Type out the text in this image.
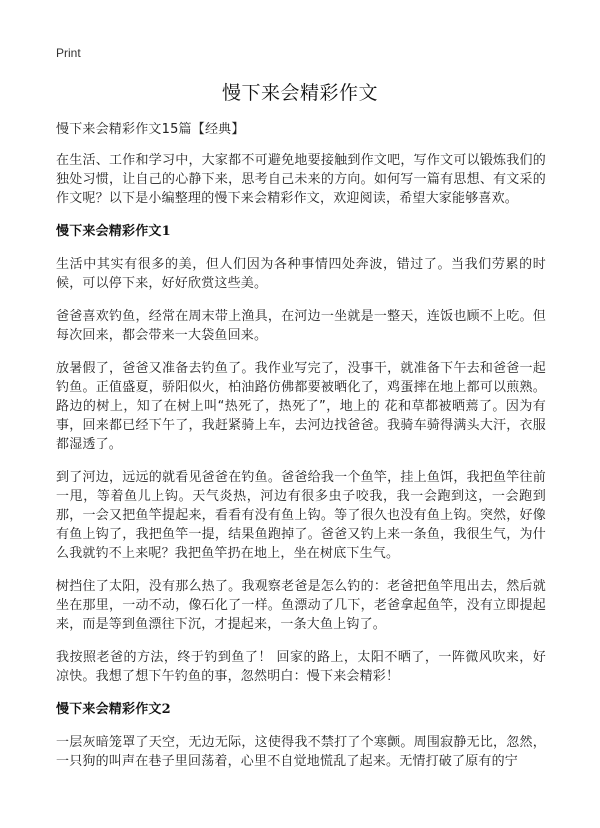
Print
慢下来会精彩作文

慢下来会精彩作文15篇【经典】

在生活、工作和学习中，大家都不可避免地要接触到作文吧，写作文可以锻炼我们的独处习惯，让自己的心静下来，思考自己未来的方向。如何写一篇有思想、有文采的作文呢？以下是小编整理的慢下来会精彩作文，欢迎阅读，希望大家能够喜欢。

慢下来会精彩作文1

生活中其实有很多的美，但人们因为各种事情四处奔波，错过了。当我们劳累的时候，可以停下来，好好欣赏这些美。

爸爸喜欢钓鱼，经常在周末带上渔具，在河边一坐就是一整天，连饭也顾不上吃。但每次回来，都会带来一大袋鱼回来。

放暑假了，爸爸又准备去钓鱼了。我作业写完了，没事干，就准备下午去和爸爸一起钓鱼。正值盛夏，骄阳似火，柏油路仿佛都要被晒化了，鸡蛋摔在地上都可以煎熟。路边的树上，知了在树上叫“热死了，热死了”，地上的 花和草都被晒蔫了。因为有事，回来都已经下午了，我赶紧骑上车，去河边找爸爸。我骑车骑得满头大汗，衣服都湿透了。

到了河边，远远的就看见爸爸在钓鱼。爸爸给我一个鱼竿，挂上鱼饵，我把鱼竿往前一甩，等着鱼儿上钩。天气炎热，河边有很多虫子咬我，我一会跑到这，一会跑到那，一会又把鱼竿提起来，看看有没有鱼上钩。等了很久也没有鱼上钩。突然，好像有鱼上钩了，我把鱼竿一提，结果鱼跑掉了。爸爸又钓上来一条鱼，我很生气，为什么我就钓不上来呢？我把鱼竿扔在地上，坐在树底下生气。

树挡住了太阳，没有那么热了。我观察老爸是怎么钓的：老爸把鱼竿甩出去，然后就坐在那里，一动不动，像石化了一样。鱼漂动了几下，老爸拿起鱼竿，没有立即提起来，而是等到鱼漂往下沉，才提起来，一条大鱼上钩了。

我按照老爸的方法，终于钓到鱼了！ 回家的路上，太阳不晒了，一阵微风吹来，好凉快。我想了想下午钓鱼的事，忽然明白：慢下来会精彩！

慢下来会精彩作文2

一层灰暗笼罩了天空，无边无际，这使得我不禁打了个寒颤。周围寂静无比，忽然，一只狗的叫声在巷子里回荡着，心里不自觉地慌乱了起来。无情打破了原有的宁
